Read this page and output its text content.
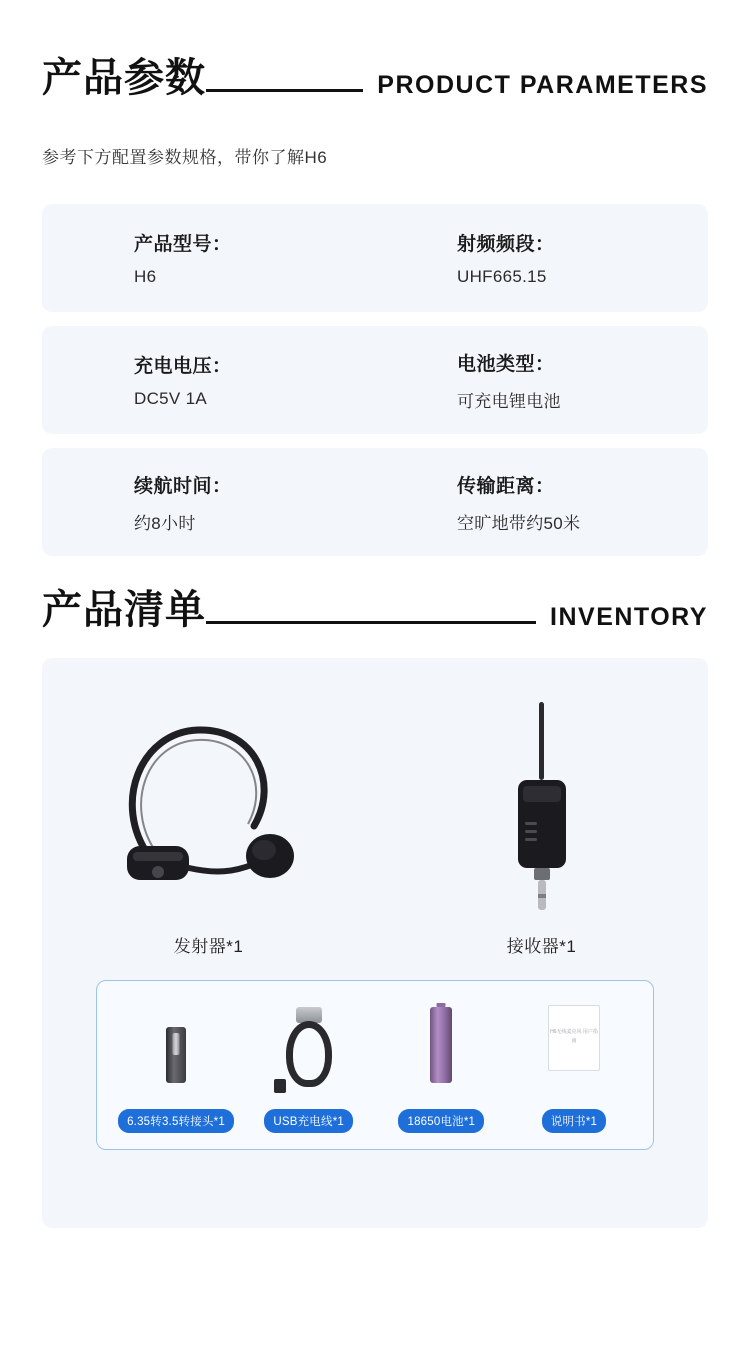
产品参数	PRODUCT PARAMETERS
参考下方配置参数规格，带你了解H6
产品型号：
H6
射频频段：
UHF665.15
充电电压：
DC5V 1A
电池类型：
可充电锂电池
续航时间：
约8小时
传输距离：
空旷地带约50米
产品清单	INVENTORY
发射器*1	接收器*1
6.35转3.5转接头*1	USB充电线*1	18650电池*1
H6无线麦克风 用户指南
说明书*1
